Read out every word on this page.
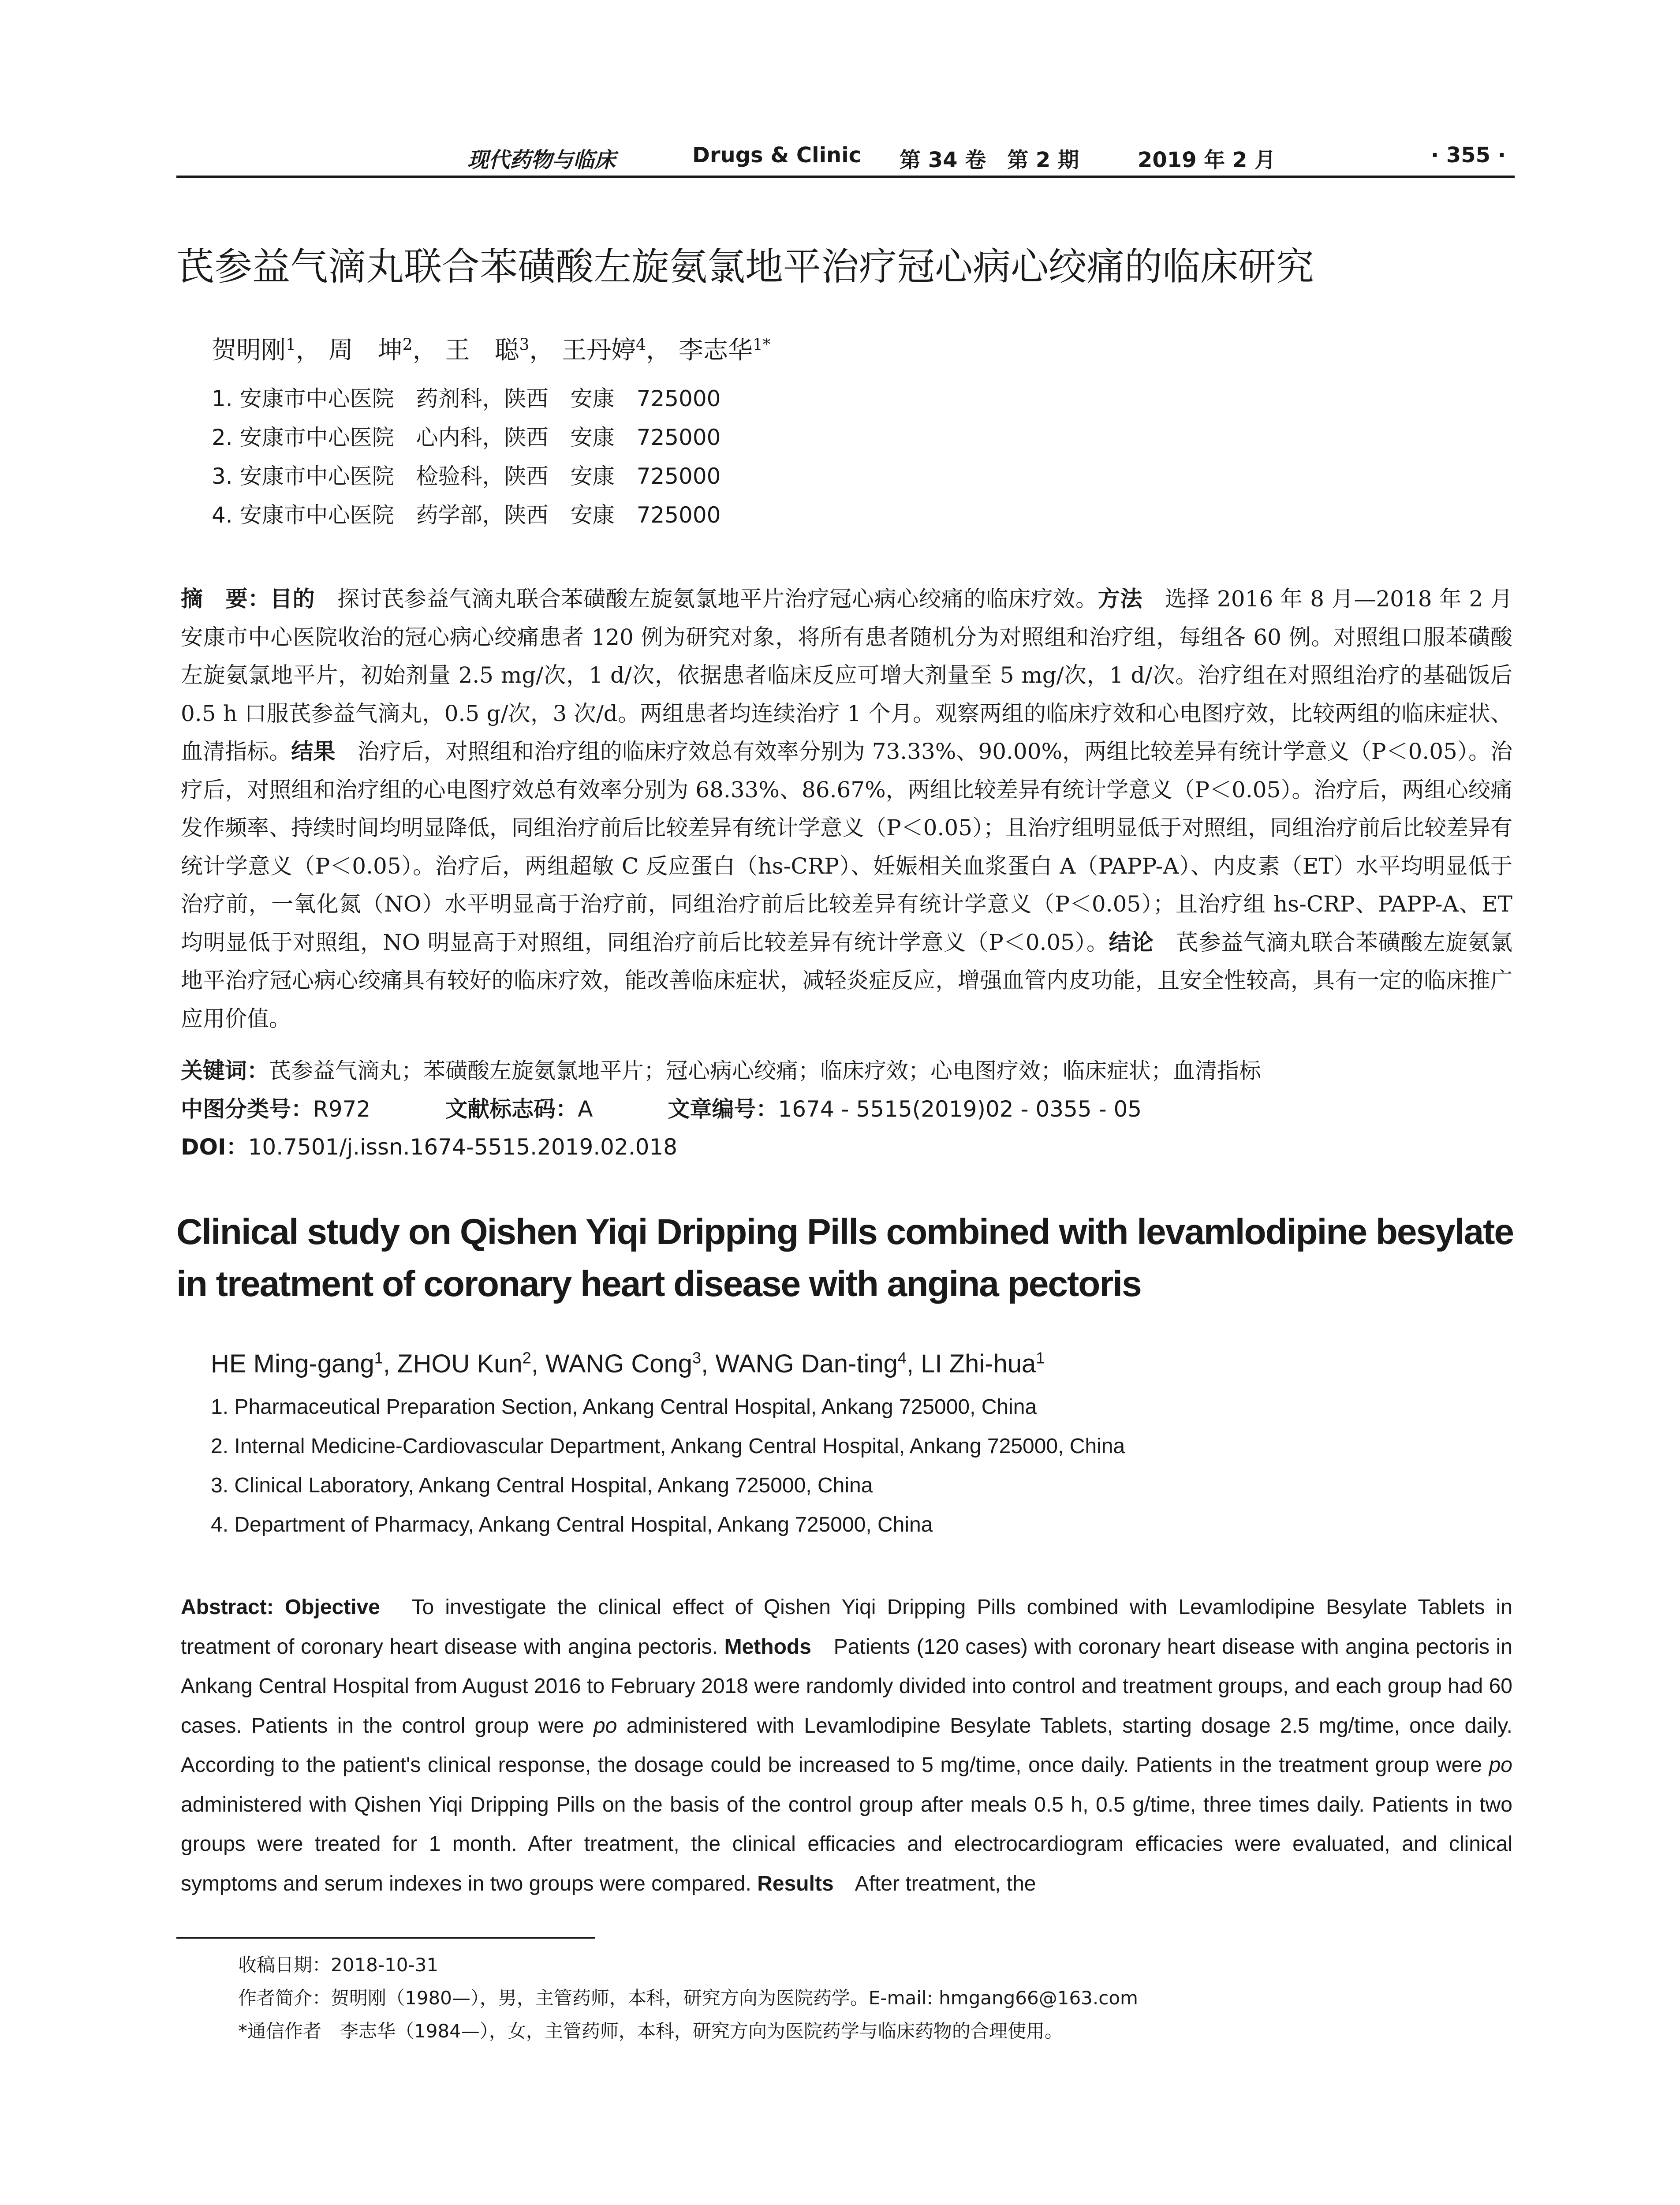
现代药物与临床	Drugs & Clinic 第 34 卷　第 2 期	2019 年 2 月	· 355 ·
芪参益气滴丸联合苯磺酸左旋氨氯地平治疗冠心病心绞痛的临床研究
贺明刚$^1$， 周　坤$^2$， 王　聪$^3$， 王丹婷$^4$， 李志华$^{1*}$
1. 安康市中心医院　药剂科，陕西　安康　725000
2. 安康市中心医院　心内科，陕西　安康　725000
3. 安康市中心医院　检验科，陕西　安康　725000
4. 安康市中心医院　药学部，陕西　安康　725000
摘　要：目的　探讨芪参益气滴丸联合苯磺酸左旋氨氯地平片治疗冠心病心绞痛的临床疗效。方法　选择 2016 年 8 月—2018 年 2 月安康市中心医院收治的冠心病心绞痛患者 120 例为研究对象，将所有患者随机分为对照组和治疗组，每组各 60 例。对照组口服苯磺酸左旋氨氯地平片，初始剂量 2.5 mg/次，1 d/次，依据患者临床反应可增大剂量至 5 mg/次，1 d/次。治疗组在对照组治疗的基础饭后 0.5 h 口服芪参益气滴丸，0.5 g/次，3 次/d。两组患者均连续治疗 1 个月。观察两组的临床疗效和心电图疗效，比较两组的临床症状、血清指标。结果　治疗后，对照组和治疗组的临床疗效总有效率分别为 73.33%、90.00%，两组比较差异有统计学意义（P＜0.05）。治疗后，对照组和治疗组的心电图疗效总有效率分别为 68.33%、86.67%，两组比较差异有统计学意义（P＜0.05）。治疗后，两组心绞痛发作频率、持续时间均明显降低，同组治疗前后比较差异有统计学意义（P＜0.05）；且治疗组明显低于对照组，同组治疗前后比较差异有统计学意义（P＜0.05）。治疗后，两组超敏 C 反应蛋白（hs-CRP）、妊娠相关血浆蛋白 A（PAPP-A）、内皮素（ET）水平均明显低于治疗前，一氧化氮（NO）水平明显高于治疗前，同组治疗前后比较差异有统计学意义（P＜0.05）；且治疗组 hs-CRP、PAPP-A、ET 均明显低于对照组，NO 明显高于对照组，同组治疗前后比较差异有统计学意义（P＜0.05）。结论　芪参益气滴丸联合苯磺酸左旋氨氯地平治疗冠心病心绞痛具有较好的临床疗效，能改善临床症状，减轻炎症反应，增强血管内皮功能，且安全性较高，具有一定的临床推广应用价值。
关键词：芪参益气滴丸；苯磺酸左旋氨氯地平片；冠心病心绞痛；临床疗效；心电图疗效；临床症状；血清指标
中图分类号：R972	文献标志码：A	文章编号：1674 - 5515(2019)02 - 0355 - 05
DOI：10.7501/j.issn.1674-5515.2019.02.018
Clinical study on Qishen Yiqi Dripping Pills combined with levamlodipine besylate in treatment of coronary heart disease with angina pectoris
HE Ming-gang$^1$, ZHOU Kun$^2$, WANG Cong$^3$, WANG Dan-ting$^4$, LI Zhi-hua$^1$
1. Pharmaceutical Preparation Section, Ankang Central Hospital, Ankang 725000, China
2. Internal Medicine-Cardiovascular Department, Ankang Central Hospital, Ankang 725000, China
3. Clinical Laboratory, Ankang Central Hospital, Ankang 725000, China
4. Department of Pharmacy, Ankang Central Hospital, Ankang 725000, China
Abstract: Objective　To investigate the clinical effect of Qishen Yiqi Dripping Pills combined with Levamlodipine Besylate Tablets in treatment of coronary heart disease with angina pectoris. Methods　Patients (120 cases) with coronary heart disease with angina pectoris in Ankang Central Hospital from August 2016 to February 2018 were randomly divided into control and treatment groups, and each group had 60 cases. Patients in the control group were po administered with Levamlodipine Besylate Tablets, starting dosage 2.5 mg/time, once daily. According to the patient's clinical response, the dosage could be increased to 5 mg/time, once daily. Patients in the treatment group were po administered with Qishen Yiqi Dripping Pills on the basis of the control group after meals 0.5 h, 0.5 g/time, three times daily. Patients in two groups were treated for 1 month. After treatment, the clinical efficacies and electrocardiogram efficacies were evaluated, and clinical symptoms and serum indexes in two groups were compared. Results　After treatment, the
收稿日期：2018-10-31
作者简介：贺明刚（1980—），男，主管药师，本科，研究方向为医院药学。E-mail: hmgang66@163.com
*通信作者　李志华（1984—），女，主管药师，本科，研究方向为医院药学与临床药物的合理使用。
